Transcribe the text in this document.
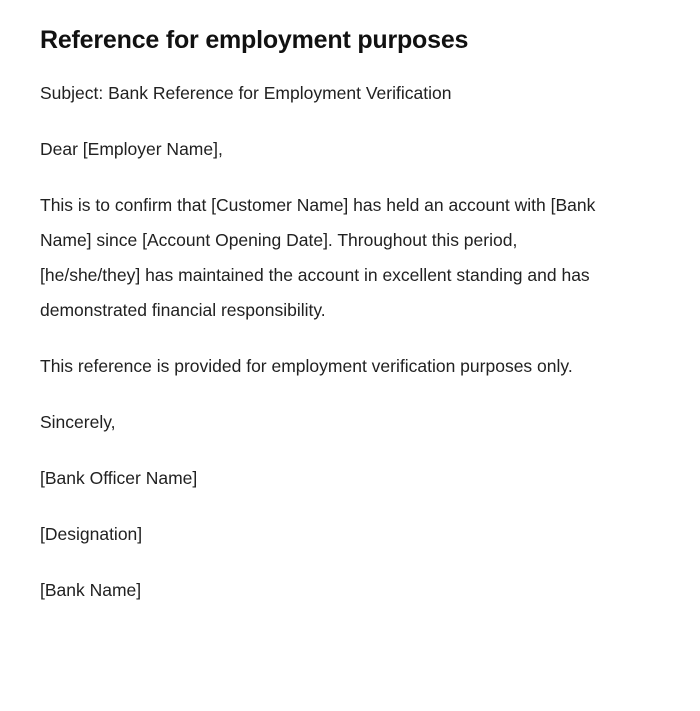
Reference for employment purposes

Subject: Bank Reference for Employment Verification

Dear [Employer Name],

This is to confirm that [Customer Name] has held an account with [Bank Name] since [Account Opening Date]. Throughout this period, [he/she/they] has maintained the account in excellent standing and has demonstrated financial responsibility.

This reference is provided for employment verification purposes only.

Sincerely,

[Bank Officer Name]

[Designation]

[Bank Name]
